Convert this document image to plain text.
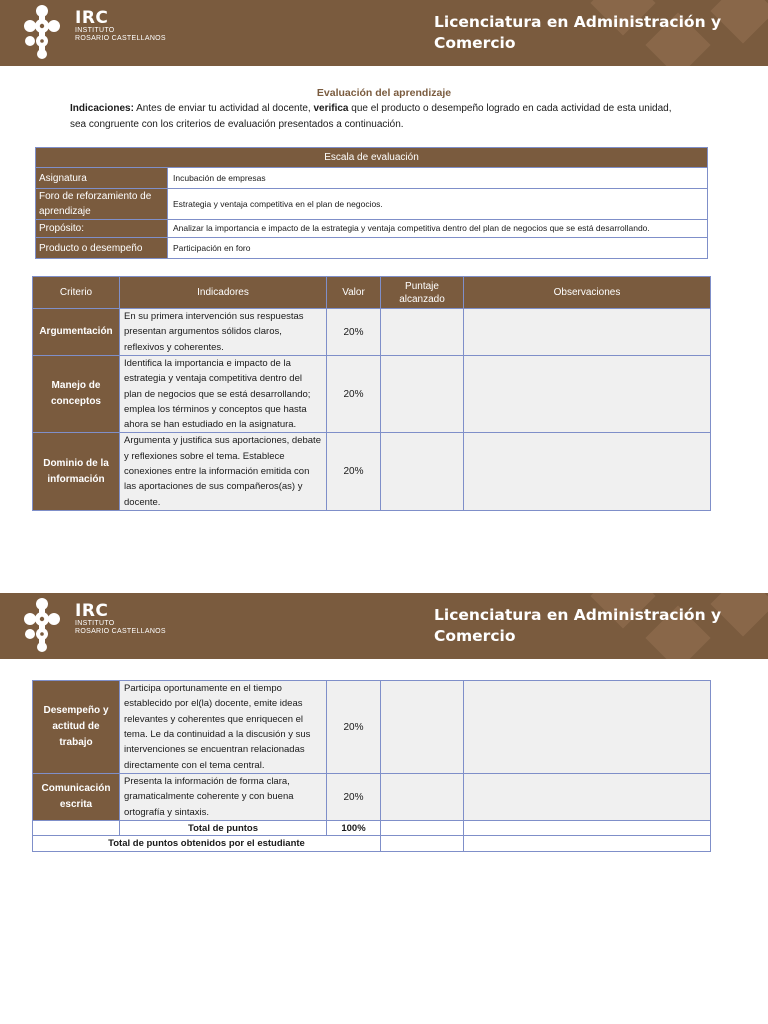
IRC
INSTITUTO
ROSARIO CASTELLANOS
Licenciatura en Administración y Comercio
Evaluación del aprendizaje
Indicaciones: Antes de enviar tu actividad al docente, verifica que el producto o desempeño logrado en cada actividad de esta unidad, sea congruente con los criterios de evaluación presentados a continuación.
Escala de evaluación	
Asignatura	Incubación de empresas
Foro de reforzamiento de aprendizaje	Estrategia y ventaja competitiva en el plan de negocios.
Propósito:	Analizar la importancia e impacto de la estrategia y ventaja competitiva dentro del plan de negocios que se está desarrollando.
Producto o desempeño	Participación en foro
Criterio	Indicadores	Valor	Puntaje alcanzado	Observaciones
Argumentación	En su primera intervención sus respuestas presentan argumentos sólidos claros, reflexivos y coherentes.	20%		
Manejo de conceptos	Identifica la importancia e impacto de la estrategia y ventaja competitiva dentro del plan de negocios que se está desarrollando; emplea los términos y conceptos que hasta ahora se han estudiado en la asignatura.	20%		
Dominio de la información	Argumenta y justifica sus aportaciones, debate y reflexiones sobre el tema. Establece conexiones entre la información emitida con las aportaciones de sus compañeros(as) y docente.	20%		
IRC
INSTITUTO
ROSARIO CASTELLANOS
Licenciatura en Administración y Comercio
Desempeño y actitud de trabajo	Participa oportunamente en el tiempo establecido por el(la) docente, emite ideas relevantes y coherentes que enriquecen el tema. Le da continuidad a la discusión y sus intervenciones se encuentran relacionadas directamente con el tema central.	20%		
Comunicación escrita	Presenta la información de forma clara, gramaticalmente coherente y con buena ortografía y sintaxis.	20%		
	Total de puntos	100%		
Total de puntos obtenidos por el estudiante				
